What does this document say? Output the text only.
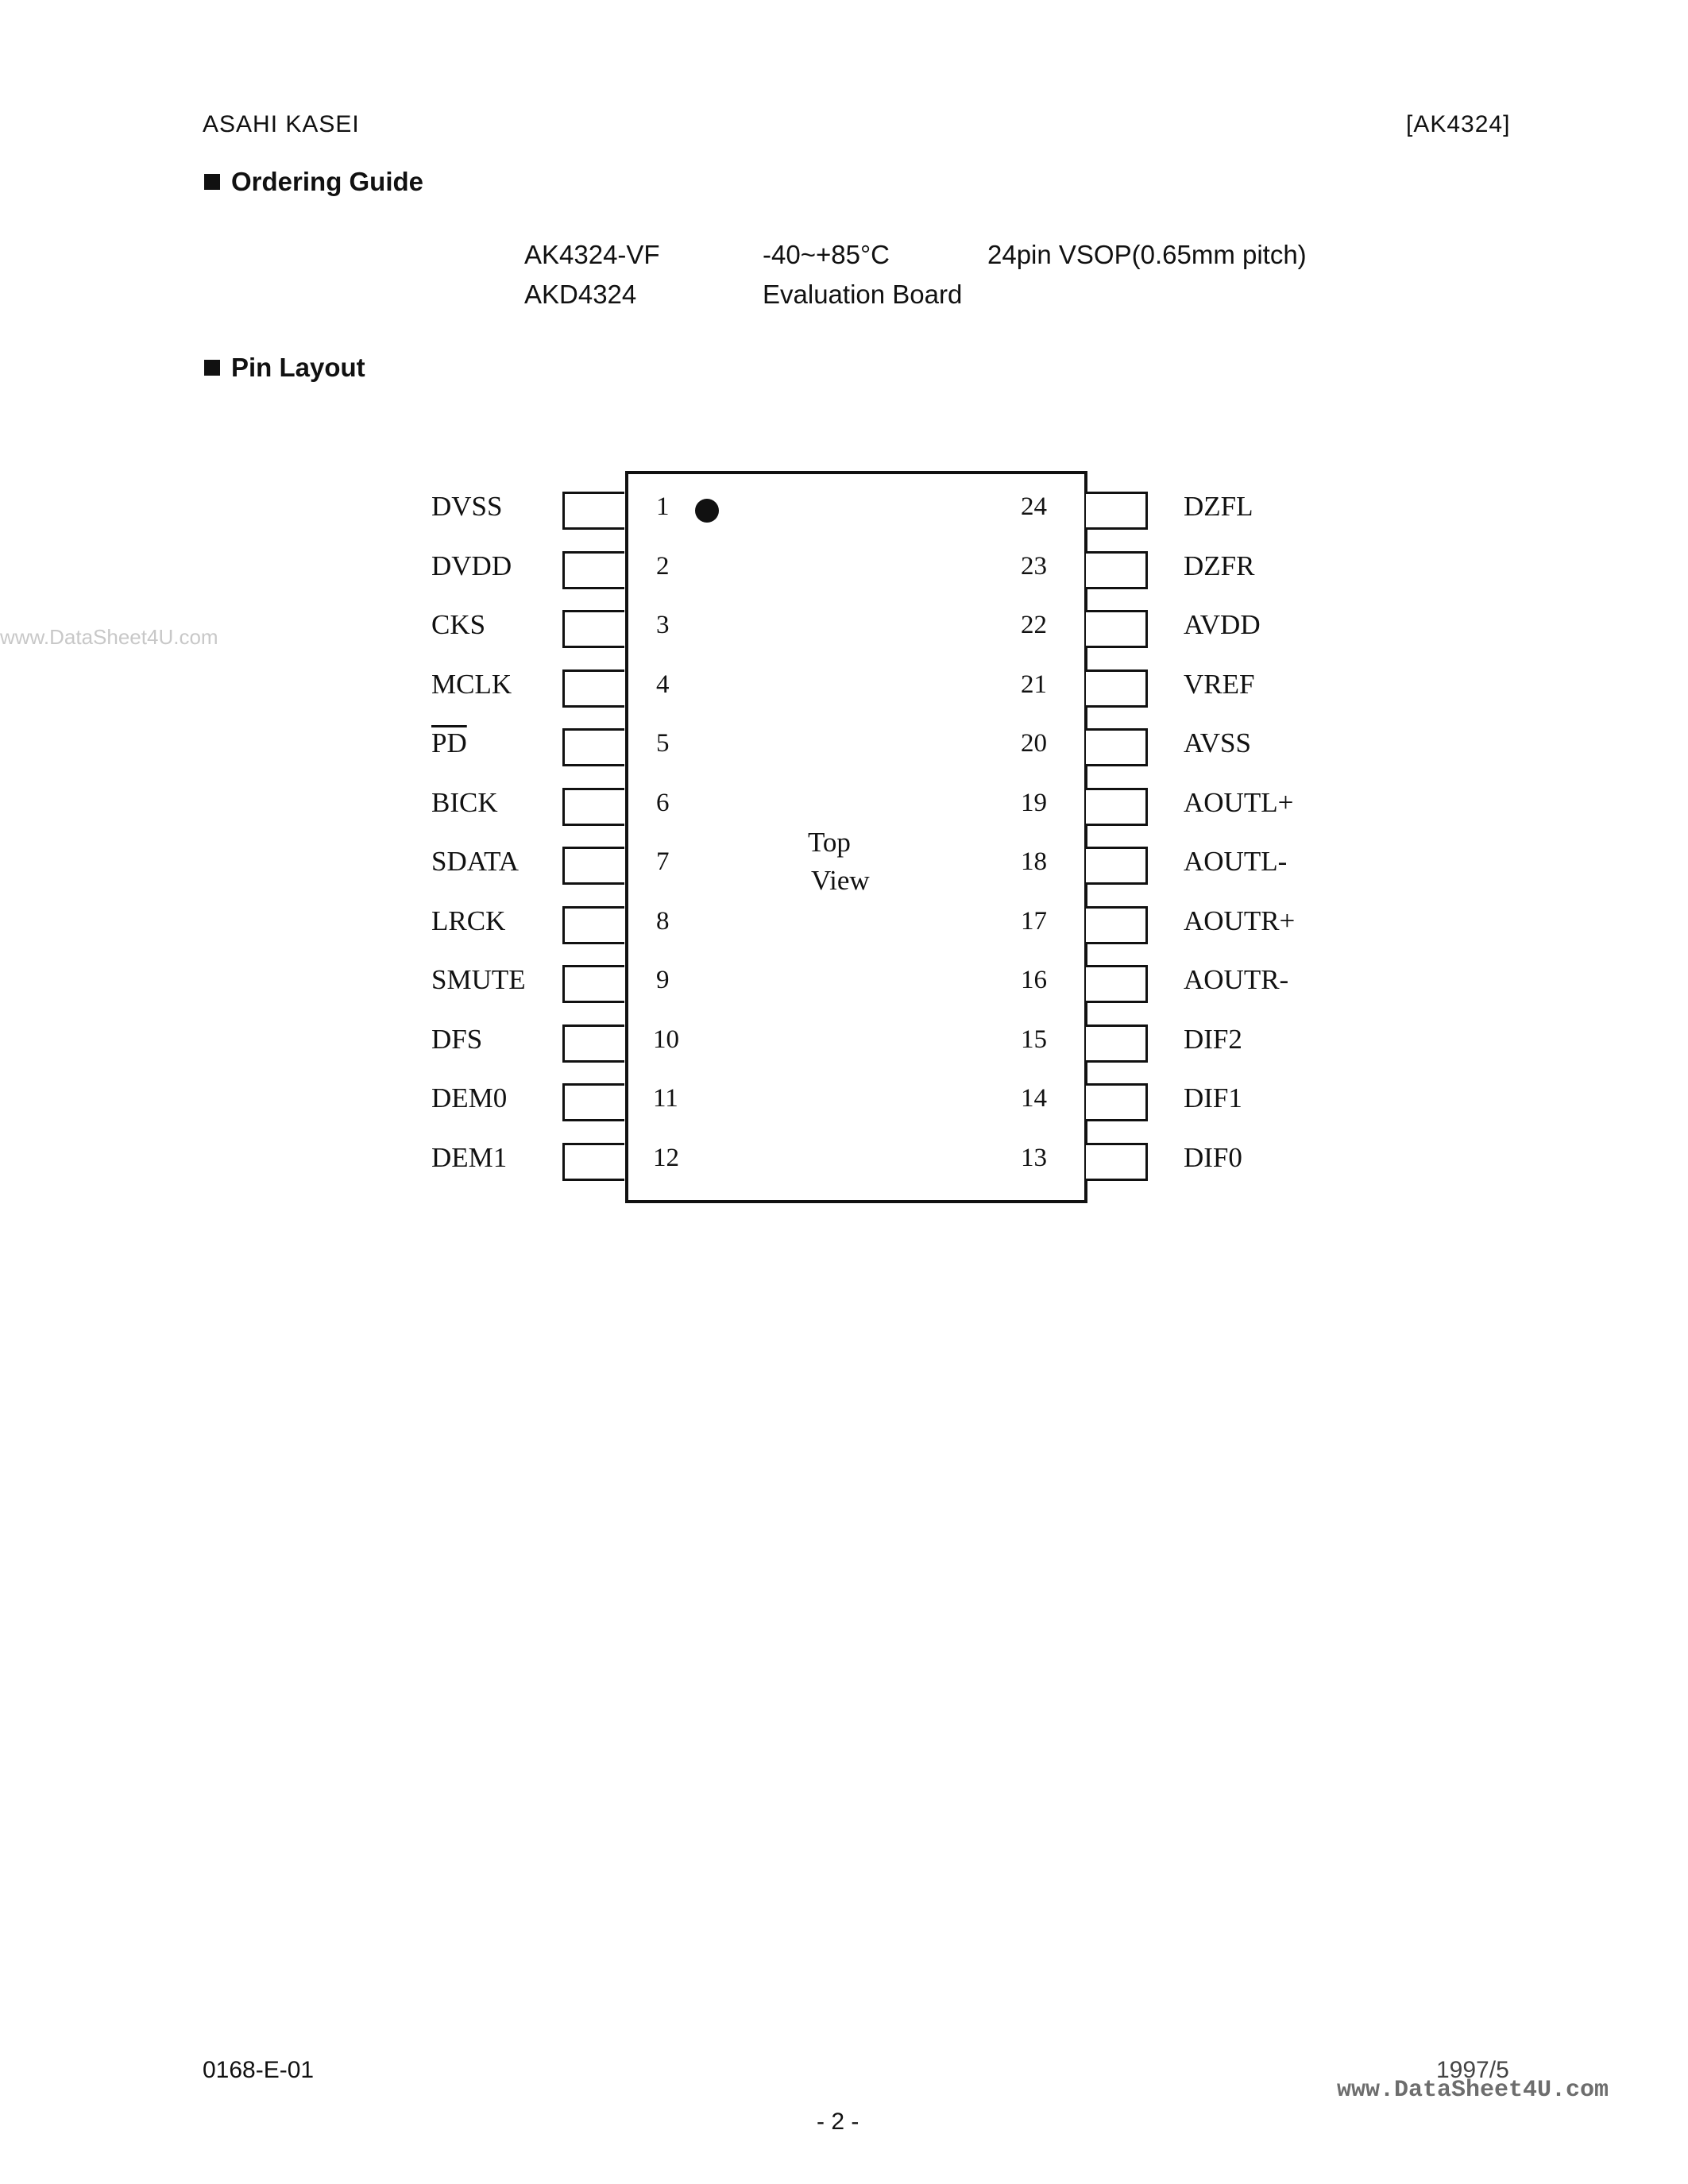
ASAHI KASEI	[AK4324]
www.DataSheet4U.com
Ordering Guide
AK4324-VF	-40~+85°C	24pin VSOP(0.65mm pitch)
AKD4324	Evaluation Board
Pin Layout
Top
View
DVSS	1
DVDD	2
CKS	3
MCLK	4
$\overline{PD}$	5
BICK	6
SDATA	7
LRCK	8
SMUTE	9
DFS	10
DEM0	11
DEM1	12
24	DZFL
23	DZFR
22	AVDD
21	VREF
20	AVSS
19	AOUTL+
18	AOUTL-
17	AOUTR+
16	AOUTR-
15	DIF2
14	DIF1
13	DIF0
0168-E-01	1997/5
www.DataSheet4U.com
- 2 -
